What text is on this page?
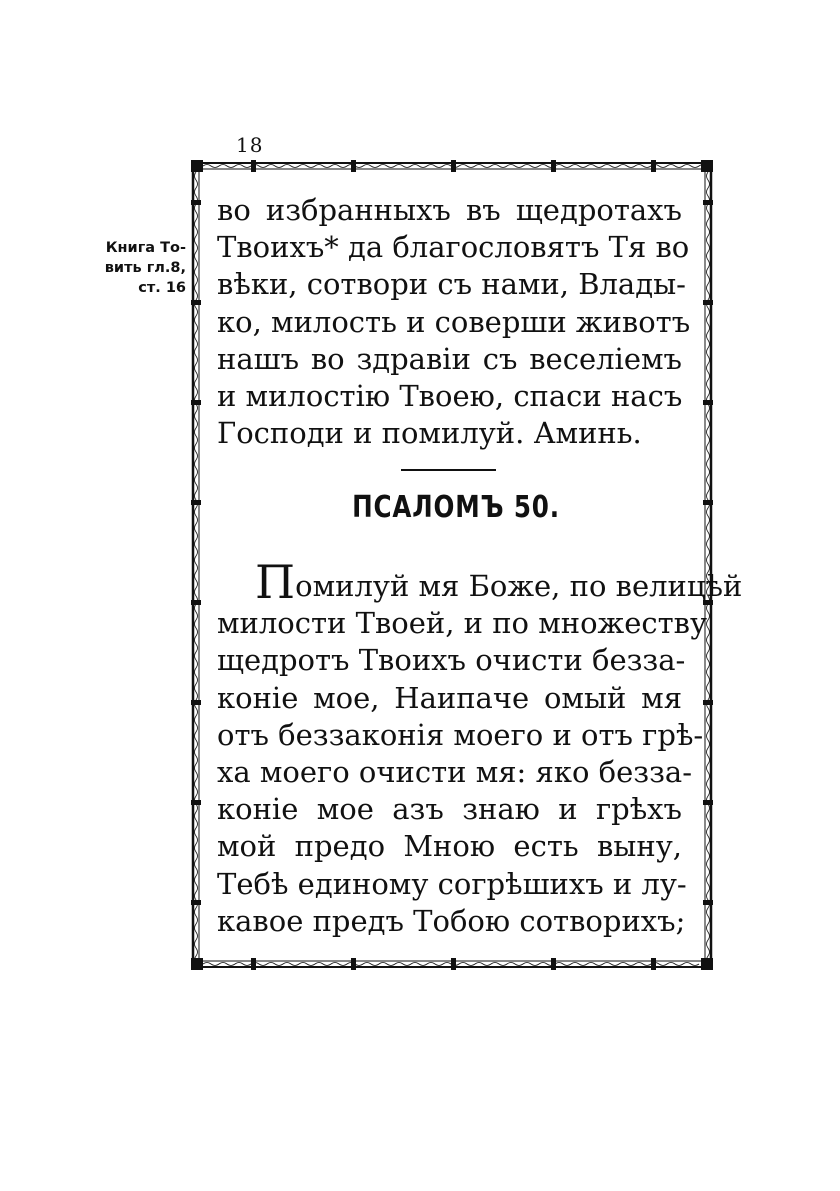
18
Книга То-
вить гл.8,
ст. 16
во избранныхъ въ щедротахъ
Твоихъ* да благословятъ Тя во
вѣки, сотвори съ нами, Влады-
ко, милость и соверши животъ
нашъ во здравіи съ веселіемъ
и милостію Твоею, спаси насъ
Господи и помилуй. Аминь.
ПСАЛОМЪ 50.
Помилуй мя Боже, по велицѣй
милости Твоей, и по множеству
щедротъ Твоихъ очисти безза-
коніе мое, Наипаче омый мя
отъ беззаконія моего и отъ грѣ-
ха моего очисти мя: яко безза-
коніе мое азъ знаю и грѣхъ
мой предо Мною есть выну,
Тебѣ единому согрѣшихъ и лу-
кавое предъ Тобою сотворихъ;
